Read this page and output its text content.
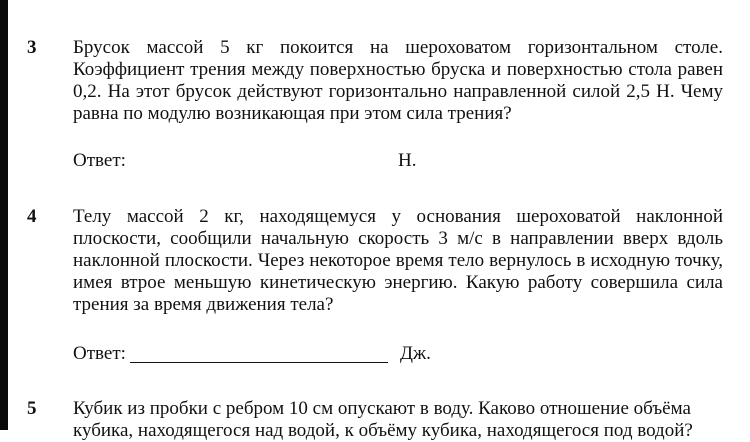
3 Брусок массой 5 кг покоится на шероховатом горизонтальном столе. Коэффициент трения между поверхностью бруска и поверхностью стола равен 0,2. На этот брусок действуют горизонтально направленной силой 2,5 Н. Чему равна по модулю возникающая при этом сила трения?
Ответ:	Н.
4 Телу массой 2 кг, находящемуся у основания шероховатой наклонной плоскости, сообщили начальную скорость 3 м/с в направлении вверх вдоль наклонной плоскости. Через некоторое время тело вернулось в исходную точку, имея втрое меньшую кинетическую энергию. Какую работу совершила сила трения за время движения тела?
Ответ:	Дж.
5 Кубик из пробки с ребром 10 см опускают в воду. Каково отношение объёма
кубика, находящегося над водой, к объёму кубика, находящегося под водой?
